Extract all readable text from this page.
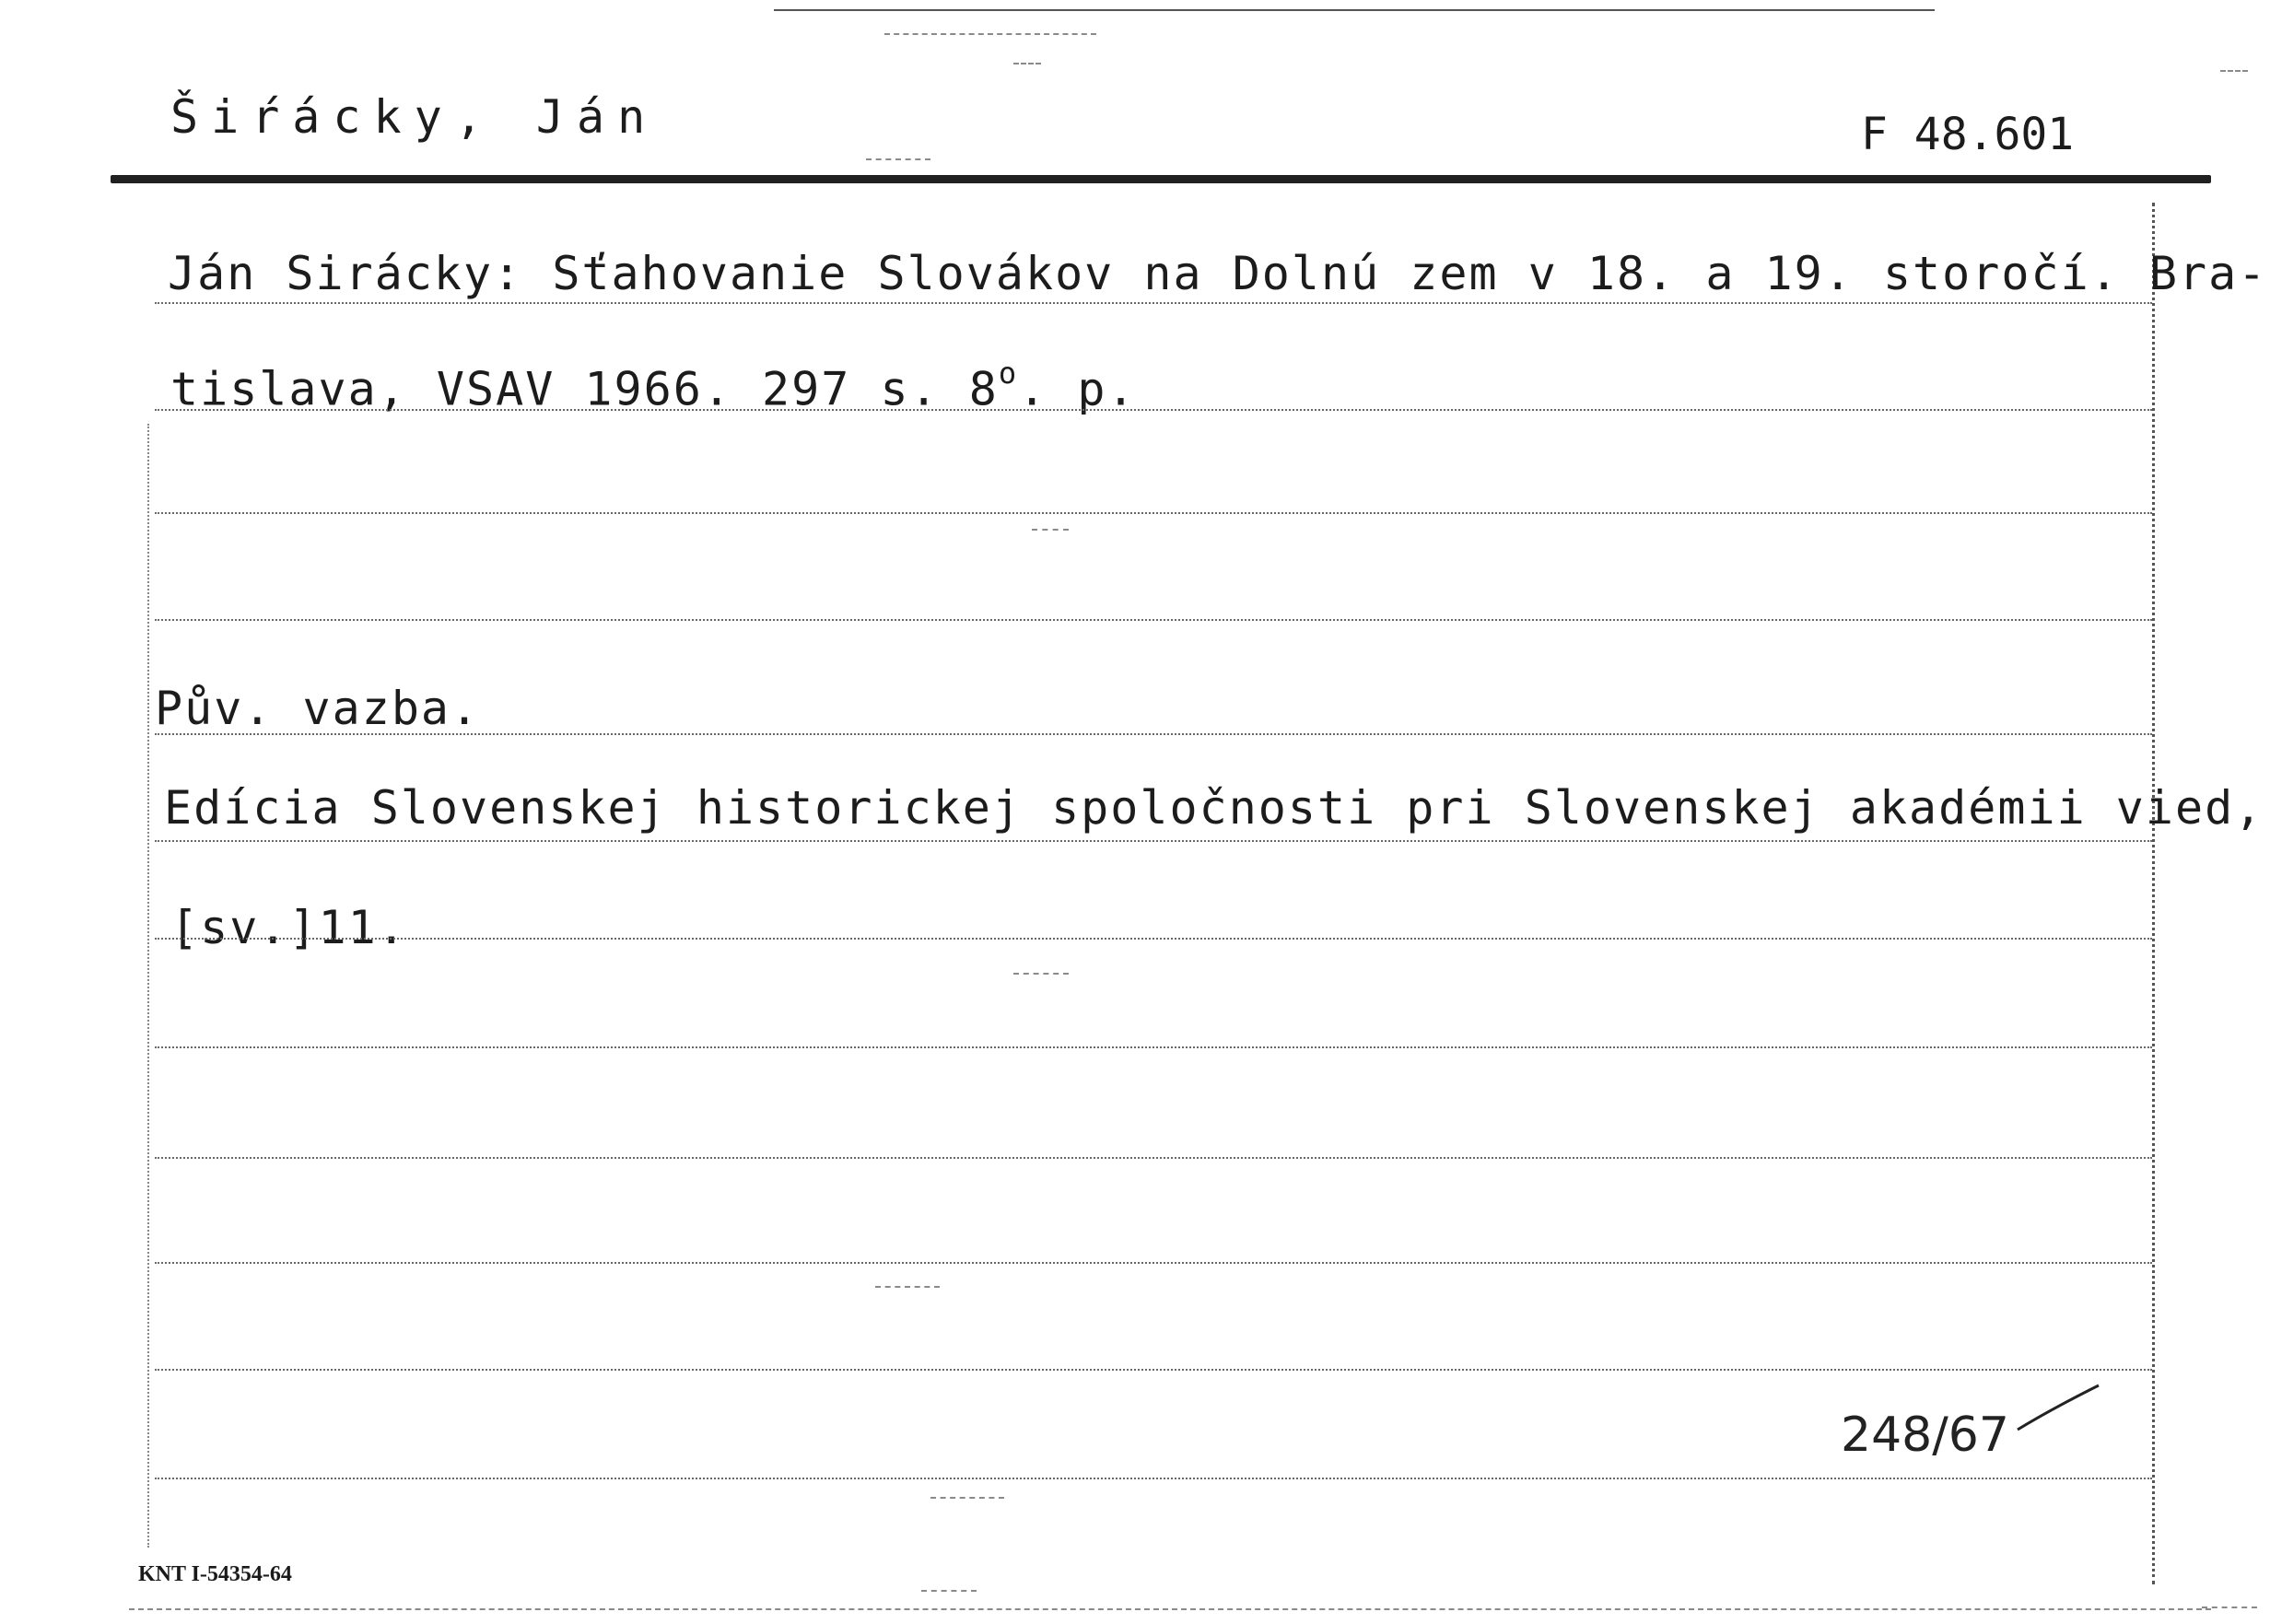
Šiŕácky, Ján	F 48.601
Ján Sirácky: Sťahovanie Slovákov na Dolnú zem v 18. a 19. storočí. Bra-
tislava, VSAV 1966. 297 s. 8$^o$. p.
Pův. vazba.
Edícia Slovenskej historickej spoločnosti pri Slovenskej akadémii vied,
[sv.]11.
248/67
KNT I-54354-64
